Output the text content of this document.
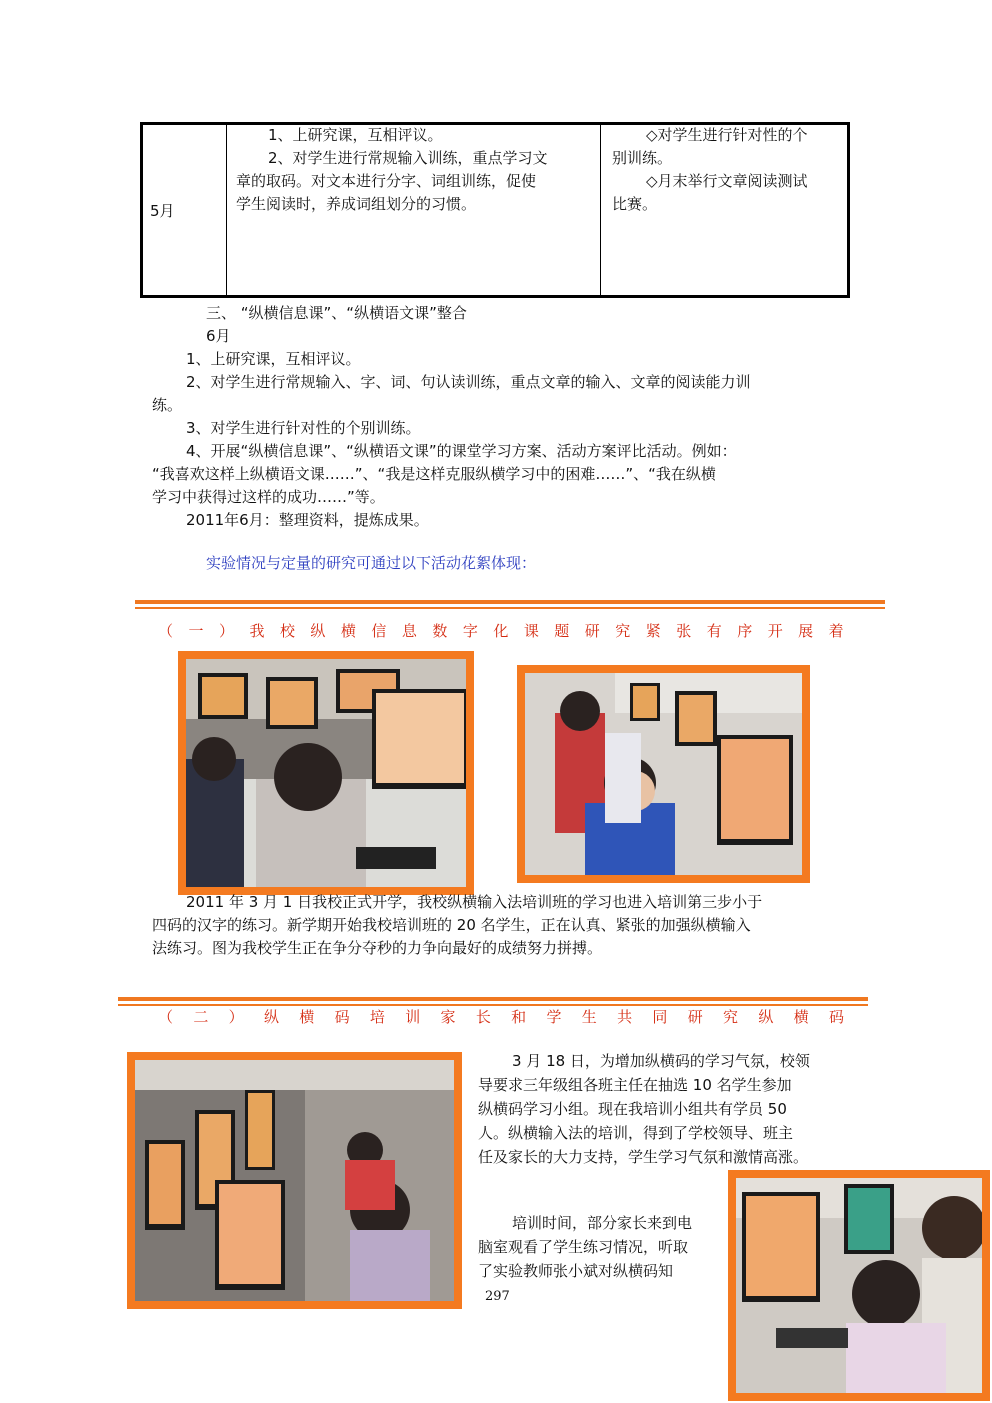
5月
1、上研究课，互相评议。
2、对学生进行常规输入训练，重点学习文
章的取码。对文本进行分字、词组训练，促使
学生阅读时，养成词组划分的习惯。
◇对学生进行针对性的个
别训练。
◇月末举行文章阅读测试
比赛。
三、 “纵横信息课”、“纵横语文课”整合
6月
1、上研究课，互相评议。
2、对学生进行常规输入、字、词、句认读训练，重点文章的输入、文章的阅读能力训
练。
3、对学生进行针对性的个别训练。
4、开展“纵横信息课”、“纵横语文课”的课堂学习方案、活动方案评比活动。例如：
“我喜欢这样上纵横语文课……”、“我是这样克服纵横学习中的困难……”、“我在纵横
学习中获得过这样的成功……”等。
2011年6月：整理资料，提炼成果。
实验情况与定量的研究可通过以下活动花絮体现：
（ 一 ） 我 校 纵 横 信 息 数 字 化 课 题 研 究 紧 张 有 序 开 展 着
2011 年 3 月 1 日我校正式开学，我校纵横输入法培训班的学习也进入培训第三步小于
四码的汉字的练习。新学期开始我校培训班的 20 名学生，正在认真、紧张的加强纵横输入
法练习。图为我校学生正在争分夺秒的力争向最好的成绩努力拼搏。
（ 二 ） 纵 横 码 培 训 家 长 和 学 生 共 同 研 究 纵 横 码
3 月 18 日，为增加纵横码的学习气氛，校领
导要求三年级组各班主任在抽选 10 名学生参加
纵横码学习小组。现在我培训小组共有学员 50
人。纵横输入法的培训，得到了学校领导、班主
任及家长的大力支持，学生学习气氛和激情高涨。
培训时间，部分家长来到电
脑室观看了学生练习情况，听取
了实验教师张小斌对纵横码知
297
